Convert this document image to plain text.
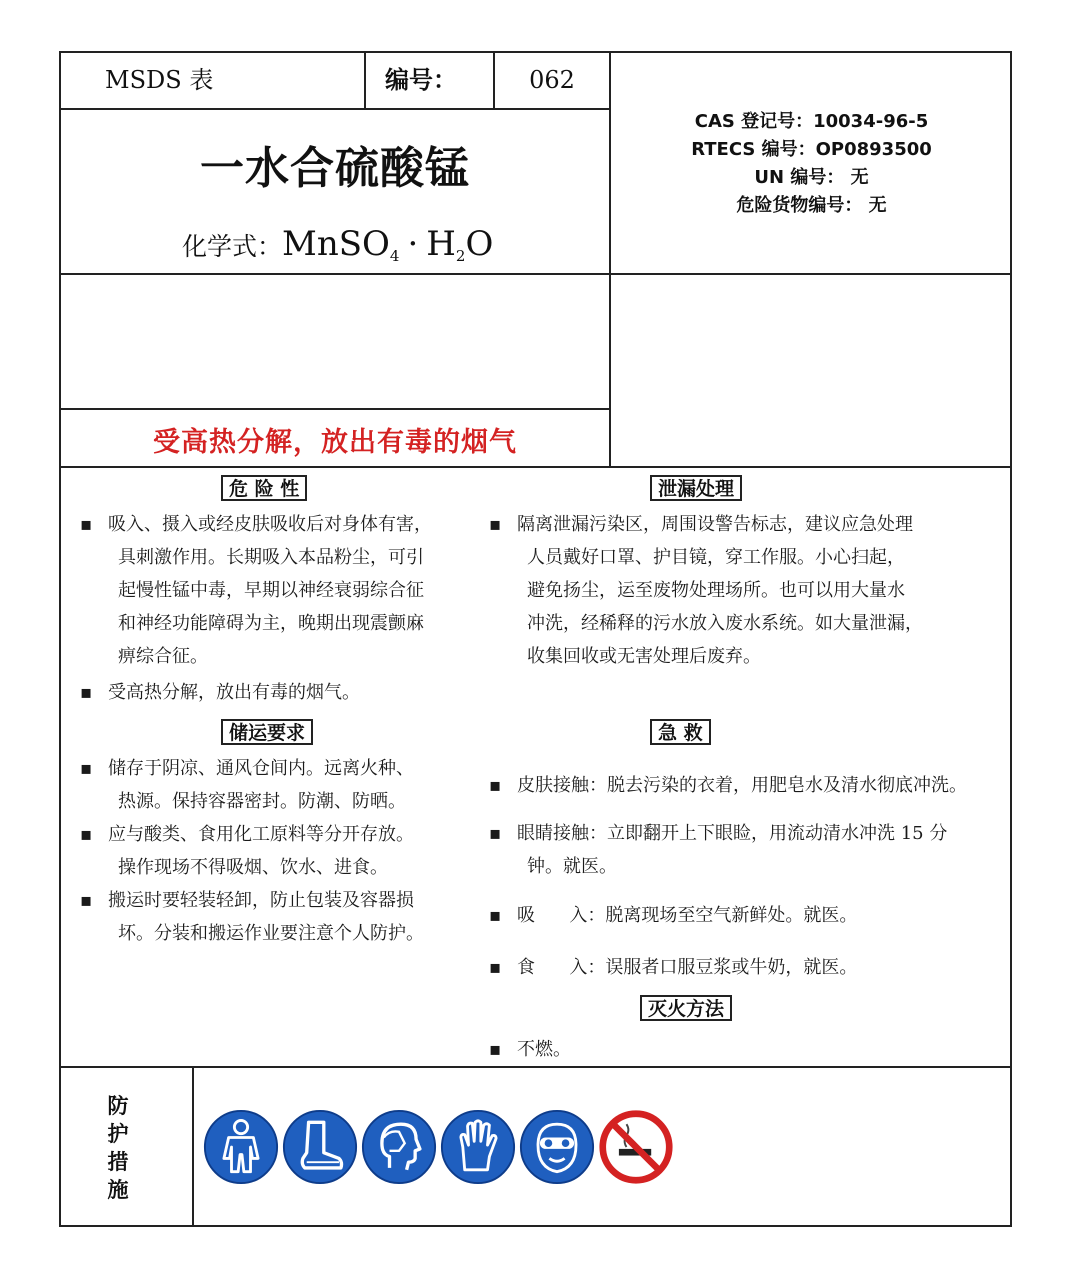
MSDS 表	编号：	062
一水合硫酸锰
化学式：MnSO$_4$ · $H_2O$
CAS 登记号：10034-96-5
RTECS 编号：OP0893500
UN 编号： 无
危险货物编号： 无
受高热分解，放出有毒的烟气
危 险 性	泄漏处理
储运要求	急 救
灭火方法
▪ 吸入、摄入或经皮肤吸收后对身体有害，
具刺激作用。长期吸入本品粉尘，可引
起慢性锰中毒，早期以神经衰弱综合征
和神经功能障碍为主，晚期出现震颤麻
痹综合征。
▪ 受高热分解，放出有毒的烟气。
▪ 隔离泄漏污染区，周围设警告标志，建议应急处理
人员戴好口罩、护目镜，穿工作服。小心扫起，
避免扬尘，运至废物处理场所。也可以用大量水
冲洗，经稀释的污水放入废水系统。如大量泄漏，
收集回收或无害处理后废弃。
▪ 储存于阴凉、通风仓间内。远离火种、
热源。保持容器密封。防潮、防晒。
▪ 应与酸类、食用化工原料等分开存放。
操作现场不得吸烟、饮水、进食。
▪ 搬运时要轻装轻卸，防止包装及容器损
坏。分装和搬运作业要注意个人防护。
▪ 皮肤接触：脱去污染的衣着，用肥皂水及清水彻底冲洗。
▪ 眼睛接触：立即翻开上下眼睑，用流动清水冲洗 15 分
钟。就医。
▪ 吸      入：脱离现场至空气新鲜处。就医。
▪ 食      入：误服者口服豆浆或牛奶，就医。
▪ 不燃。
防
护
措
施
